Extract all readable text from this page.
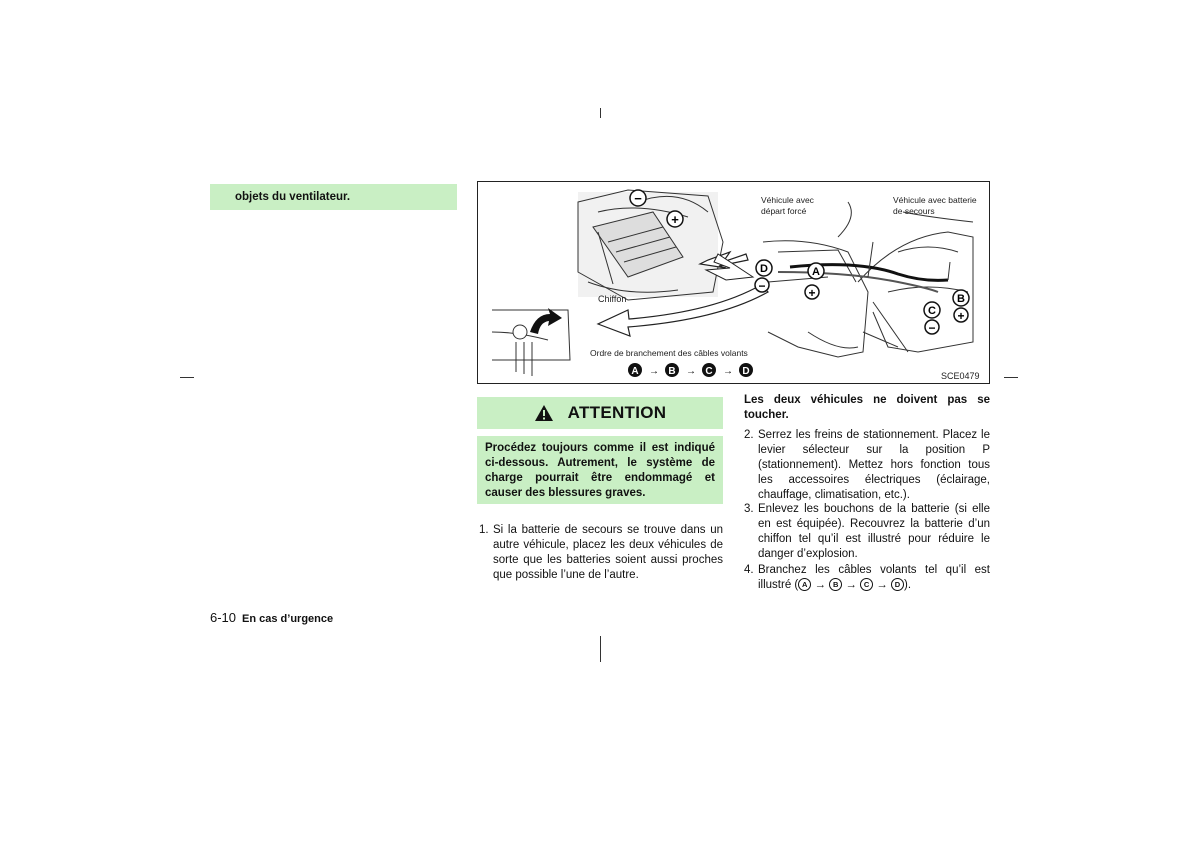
objets du ventilateur.	−
+
Chiffon
D	A
−	+	B
C +
−
Véhicule avec
départ forcé
Véhicule avec batterie
de secours
Ordre de branchement des câbles volants
A → B → C → D	SCE0479
ATTENTION
Procédez toujours comme il est indiqué ci-dessous. Autrement, le système de charge pourrait être endommagé et causer des blessures graves.
1. Si la batterie de secours se trouve dans un autre véhicule, placez les deux véhicules de sorte que les batteries soient aussi proches que possible l’une de l’autre.
Les deux véhicules ne doivent pas se toucher.
2. Serrez les freins de stationnement. Placez le levier sélecteur sur la position P (stationnement). Mettez hors fonction tous les accessoires électriques (éclairage, chauffage, climatisation, etc.).
3. Enlevez les bouchons de la batterie (si elle en est équipée). Recouvrez la batterie d’un chiffon tel qu’il est illustré pour réduire le danger d’explosion.
4. Branchez les câbles volants tel qu’il est illustré ( A → B → C → D ).
6-10 En cas d’urgence
